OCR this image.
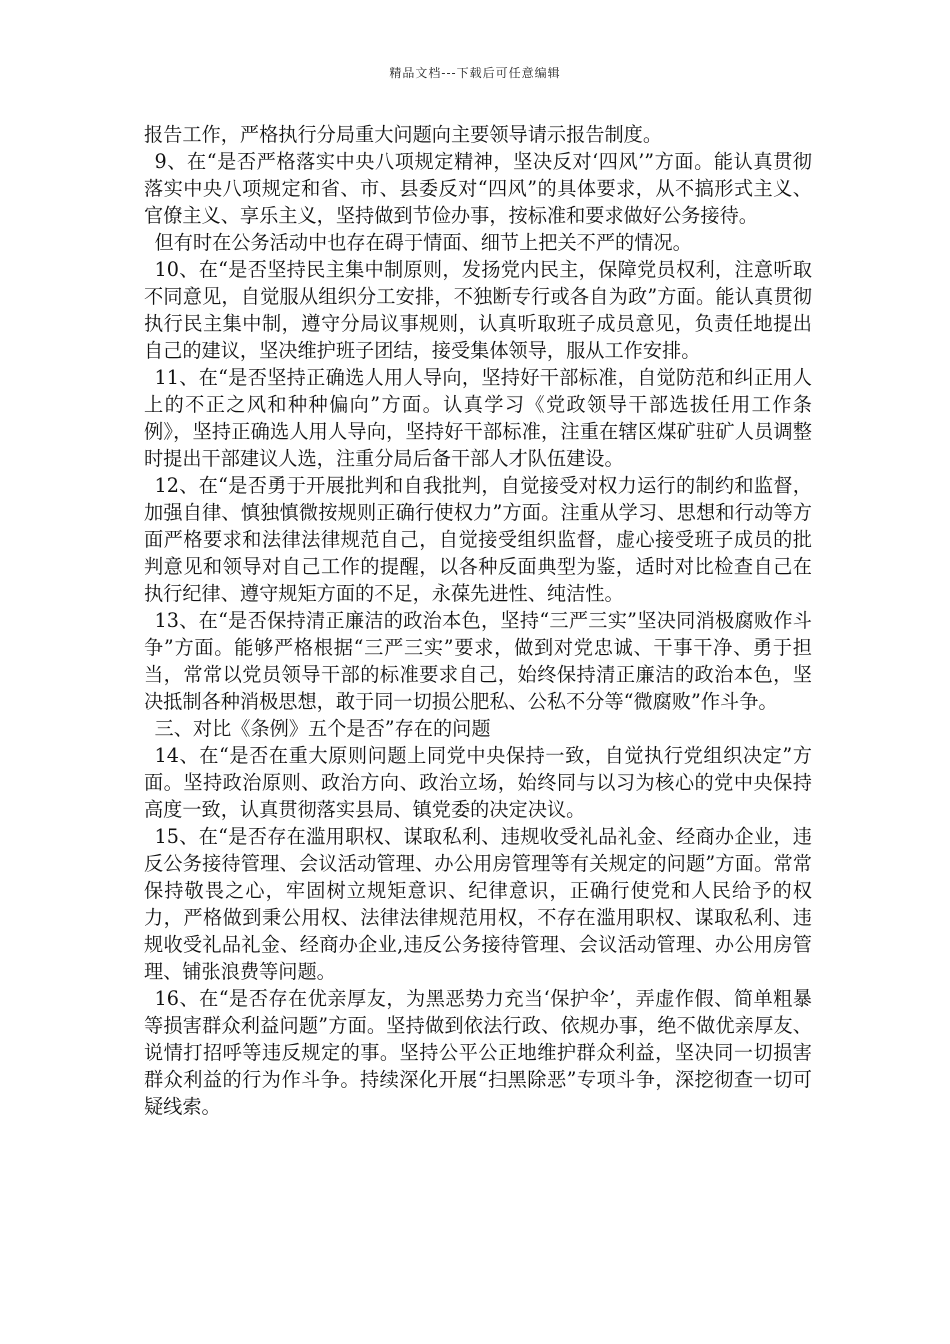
精品文档---下载后可任意编辑

报告工作，严格执行分局重大问题向主要领导请示报告制度。

9、在“是否严格落实中央八项规定精神，坚决反对‘四风’”方面。能认真贯彻落实中央八项规定和省、市、县委反对“四风”的具体要求，从不搞形式主义、官僚主义、享乐主义，坚持做到节俭办事，按标准和要求做好公务接待。

但有时在公务活动中也存在碍于情面、细节上把关不严的情况。

10、在“是否坚持民主集中制原则，发扬党内民主，保障党员权利，注意听取不同意见，自觉服从组织分工安排，不独断专行或各自为政”方面。能认真贯彻执行民主集中制，遵守分局议事规则，认真听取班子成员意见，负责任地提出自己的建议，坚决维护班子团结，接受集体领导，服从工作安排。

11、在“是否坚持正确选人用人导向，坚持好干部标准，自觉防范和纠正用人上的不正之风和种种偏向”方面。认真学习《党政领导干部选拔任用工作条例》，坚持正确选人用人导向，坚持好干部标准，注重在辖区煤矿驻矿人员调整时提出干部建议人选，注重分局后备干部人才队伍建设。

12、在“是否勇于开展批判和自我批判，自觉接受对权力运行的制约和监督，加强自律、慎独慎微按规则正确行使权力”方面。注重从学习、思想和行动等方面严格要求和法律法律规范自己，自觉接受组织监督，虚心接受班子成员的批判意见和领导对自己工作的提醒，以各种反面典型为鉴，适时对比检查自己在执行纪律、遵守规矩方面的不足，永葆先进性、纯洁性。

13、在“是否保持清正廉洁的政治本色，坚持“三严三实”坚决同消极腐败作斗争”方面。能够严格根据“三严三实”要求，做到对党忠诚、干事干净、勇于担当，常常以党员领导干部的标准要求自己，始终保持清正廉洁的政治本色，坚决抵制各种消极思想，敢于同一切损公肥私、公私不分等“微腐败”作斗争。

三、对比《条例》五个是否”存在的问题

14、在“是否在重大原则问题上同党中央保持一致，自觉执行党组织决定”方面。坚持政治原则、政治方向、政治立场，始终同与以习为核心的党中央保持高度一致，认真贯彻落实县局、镇党委的决定决议。

15、在“是否存在滥用职权、谋取私利、违规收受礼品礼金、经商办企业，违反公务接待管理、会议活动管理、办公用房管理等有关规定的问题”方面。常常保持敬畏之心，牢固树立规矩意识、纪律意识，正确行使党和人民给予的权力，严格做到秉公用权、法律法律规范用权，不存在滥用职权、谋取私利、违规收受礼品礼金、经商办企业,违反公务接待管理、会议活动管理、办公用房管理、铺张浪费等问题。

16、在“是否存在优亲厚友，为黑恶势力充当‘保护伞’，弄虚作假、简单粗暴等损害群众利益问题”方面。坚持做到依法行政、依规办事，绝不做优亲厚友、说情打招呼等违反规定的事。坚持公平公正地维护群众利益，坚决同一切损害群众利益的行为作斗争。持续深化开展“扫黑除恶”专项斗争，深挖彻查一切可疑线索。
